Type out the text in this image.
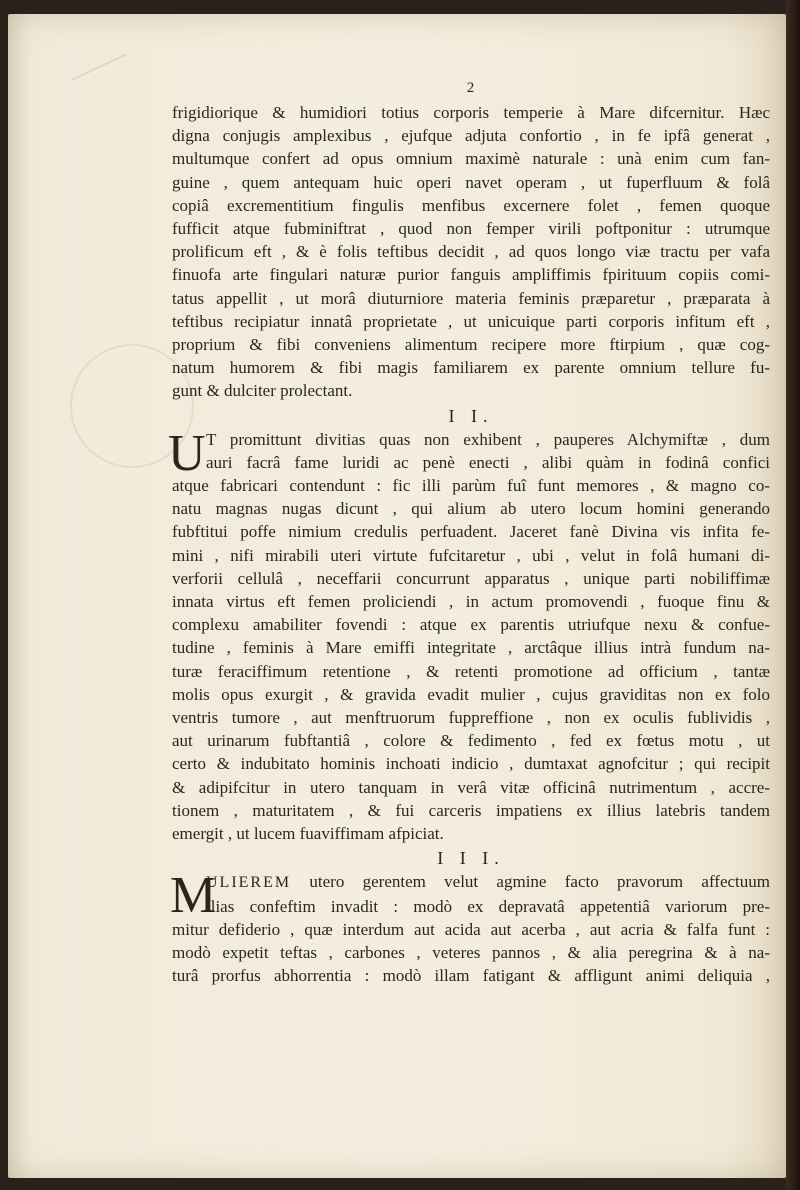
2
frigidiorique & humidiori totius corporis temperie à Mare difcernitur. Hæc
digna conjugis amplexibus , ejufque adjuta confortio , in fe ipfâ generat ,
multumque confert ad opus omnium maximè naturale : unà enim cum fan-
guine , quem antequam huic operi navet operam , ut fuperfluum & folâ
copiâ excrementitium fingulis menfibus excernere folet , femen quoque
fufficit atque fubminiftrat , quod non femper virili poftponitur : utrumque
prolificum eft , & è folis teftibus decidit , ad quos longo viæ tractu per vafa
finuofa arte fingulari naturæ purior fanguis ampliffimis fpirituum copiis comi-
tatus appellit , ut morâ diuturniore materia feminis præparetur , præparata à
teftibus recipiatur innatâ proprietate , ut unicuique parti corporis infitum eft ,
proprium & fibi conveniens alimentum recipere more ftirpium , quæ cog-
natum humorem & fibi magis familiarem ex parente omnium tellure fu-
gunt & dulciter prolectant.
I I.
U T promittunt divitias quas non exhibent , pauperes Alchymiftæ , dum
auri facrâ fame luridi ac penè enecti , alibi quàm in fodinâ confici
atque fabricari contendunt : fic illi parùm fuî funt memores , & magno co-
natu magnas nugas dicunt , qui alium ab utero locum homini generando
fubftitui poffe nimium credulis perfuadent. Jaceret fanè Divina vis infita fe-
mini , nifi mirabili uteri virtute fufcitaretur , ubi , velut in folâ humani di-
verforii cellulâ , neceffarii concurrunt apparatus , unique parti nobiliffimæ
innata virtus eft femen proliciendi , in actum promovendi , fuoque finu &
complexu amabiliter fovendi : atque ex parentis utriufque nexu & confue-
tudine , feminis à Mare emiffi integritate , arctâque illius intrà fundum na-
turæ feraciffimum retentione , & retenti promotione ad officium , tantæ
molis opus exurgit , & gravida evadit mulier , cujus graviditas non ex folo
ventris tumore , aut menftruorum fuppreffione , non ex oculis fublividis ,
aut urinarum fubftantiâ , colore & fedimento , fed ex fœtus motu , ut
certo & indubitato hominis inchoati indicio , dumtaxat agnofcitur ; qui recipit
& adipifcitur in utero tanquam in verâ vitæ officinâ nutrimentum , accre-
tionem , maturitatem , & fui carceris impatiens ex illius latebris tandem
emergit , ut lucem fuaviffimam afpiciat.
I I I.
M
ULIEREM utero gerentem velut agmine facto pravorum affectuum
ilias confeftim invadit : modò ex depravatâ appetentiâ variorum pre-
mitur defiderio , quæ interdum aut acida aut acerba , aut acria & falfa funt :
modò expetit teftas , carbones , veteres pannos , & alia peregrina & à na-
turâ prorfus abhorrentia : modò illam fatigant & affligunt animi deliquia ,
